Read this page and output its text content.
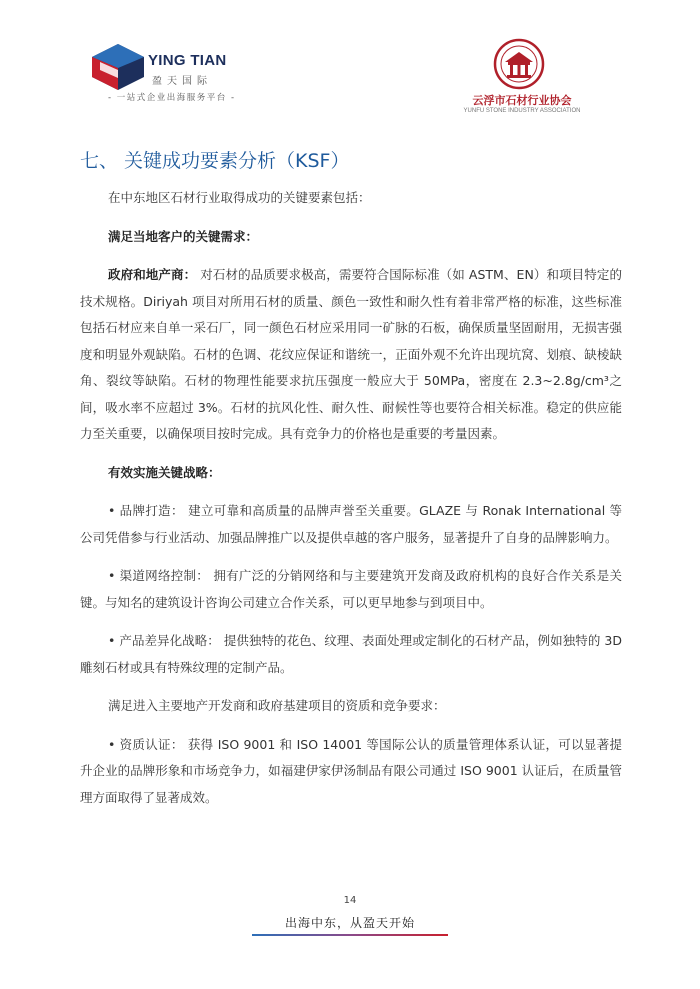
YING TIAN
盈天国际
- 一站式企业出海服务平台 -	云浮市石材行业协会
YUNFU STONE INDUSTRY ASSOCIATION
七、 关键成功要素分析（KSF）

在中东地区石材行业取得成功的关键要素包括：

满足当地客户的关键需求：

政府和地产商： 对石材的品质要求极高，需要符合国际标准（如 ASTM、EN）和项目特定的技术规格。Diriyah 项目对所用石材的质量、颜色一致性和耐久性有着非常严格的标准，这些标准包括石材应来自单一采石厂，同一颜色石材应采用同一矿脉的石板，确保质量坚固耐用，无损害强度和明显外观缺陷。石材的色调、花纹应保证和谐统一，正面外观不允许出现坑窝、划痕、缺棱缺角、裂纹等缺陷。石材的物理性能要求抗压强度一般应大于 50MPa，密度在 2.3~2.8g/cm³之间，吸水率不应超过 3%。石材的抗风化性、耐久性、耐候性等也要符合相关标准。稳定的供应能力至关重要，以确保项目按时完成。具有竞争力的价格也是重要的考量因素。

有效实施关键战略：

• 品牌打造： 建立可靠和高质量的品牌声誉至关重要。GLAZE 与 Ronak International 等公司凭借参与行业活动、加强品牌推广以及提供卓越的客户服务，显著提升了自身的品牌影响力。

• 渠道网络控制： 拥有广泛的分销网络和与主要建筑开发商及政府机构的良好合作关系是关键。与知名的建筑设计咨询公司建立合作关系，可以更早地参与到项目中。

• 产品差异化战略： 提供独特的花色、纹理、表面处理或定制化的石材产品，例如独特的 3D 雕刻石材或具有特殊纹理的定制产品。

满足进入主要地产开发商和政府基建项目的资质和竞争要求：

• 资质认证： 获得 ISO 9001 和 ISO 14001 等国际公认的质量管理体系认证，可以显著提升企业的品牌形象和市场竞争力，如福建伊家伊汤制品有限公司通过 ISO 9001 认证后，在质量管理方面取得了显著成效。

14
出海中东，从盈天开始
